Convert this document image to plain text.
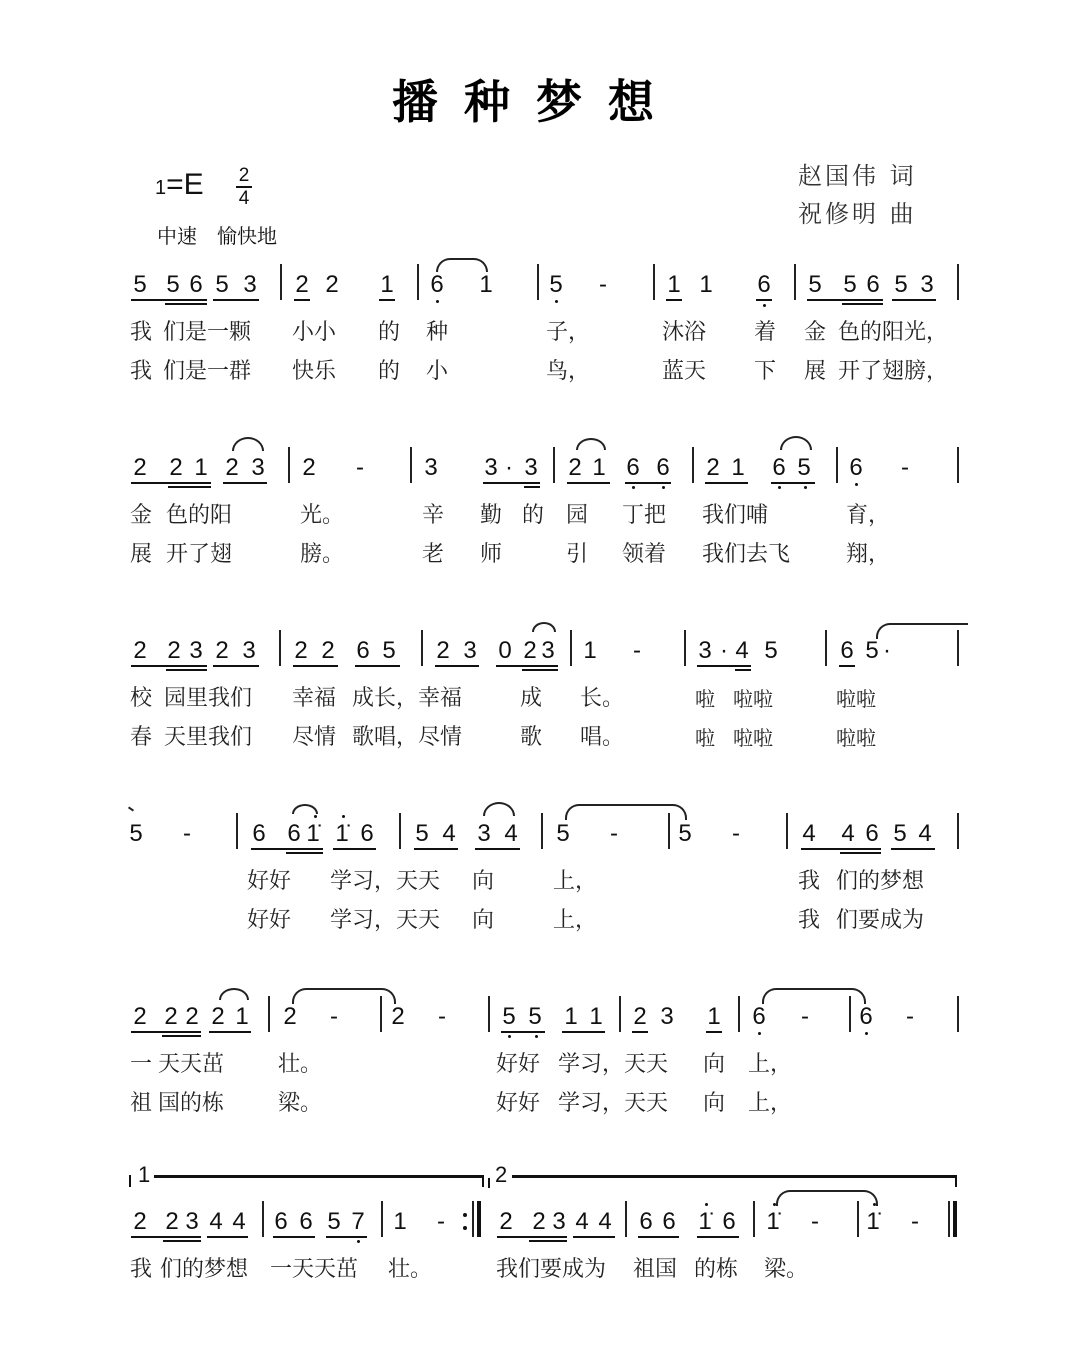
播种梦想
1=E 2
4
中速　愉快地
赵国伟 词
祝修明 曲
5 5 6 5 3 2 2 1 6 1 5 -	1 1 6 5 5 6 5 3
我 们是一颗 小小 的 种	子，	沐浴 着 金 色的阳光，
我 们是一群 快乐 的 小	鸟，	蓝天 下 展 开了翅膀，
2 2 1 2 3 2 -	3 3 · 3 2 1 6 6 2 1 6 5 6 -
金 色的阳	光。	辛 勤 的 园 丁把 我们哺	育，
展 开了翅	膀。	老 师	引 领着 我们去飞	翔，
2 2 3 2 3 2 2 6 5 2 3 0 2 3 1 - 3 · 4 5	6 5 ·
校 园里我们 幸福 成长，幸福	成 长。	啦 啦啦	啦啦
春 天里我们 尽情 歌唱，尽情	歌 唱。	啦 啦啦	啦啦
5 -	6 6 1̇ 1̇ 6 5 4 3 4 5 -	5 -	4 4 6 5 4
好好 学习，天天 向	上，	我 们的梦想
好好 学习，天天 向	上，	我 们要成为
2 2 2 2 1 2 - 2 - 5 5 1 1 2 3 1 6 - 6 -
一 天天茁 壮。	好好 学习，天天 向 上，
祖 国的栋 梁。	好好 学习，天天 向 上，
1	2
2 2 3 4 4 6 6 5 7 1 - 2 2 3 4 4 6 6 1̇ 6 1̇ - 1̇ -
我 们的梦想 一天天茁 壮。	我们要成为 祖国 的栋 梁。
